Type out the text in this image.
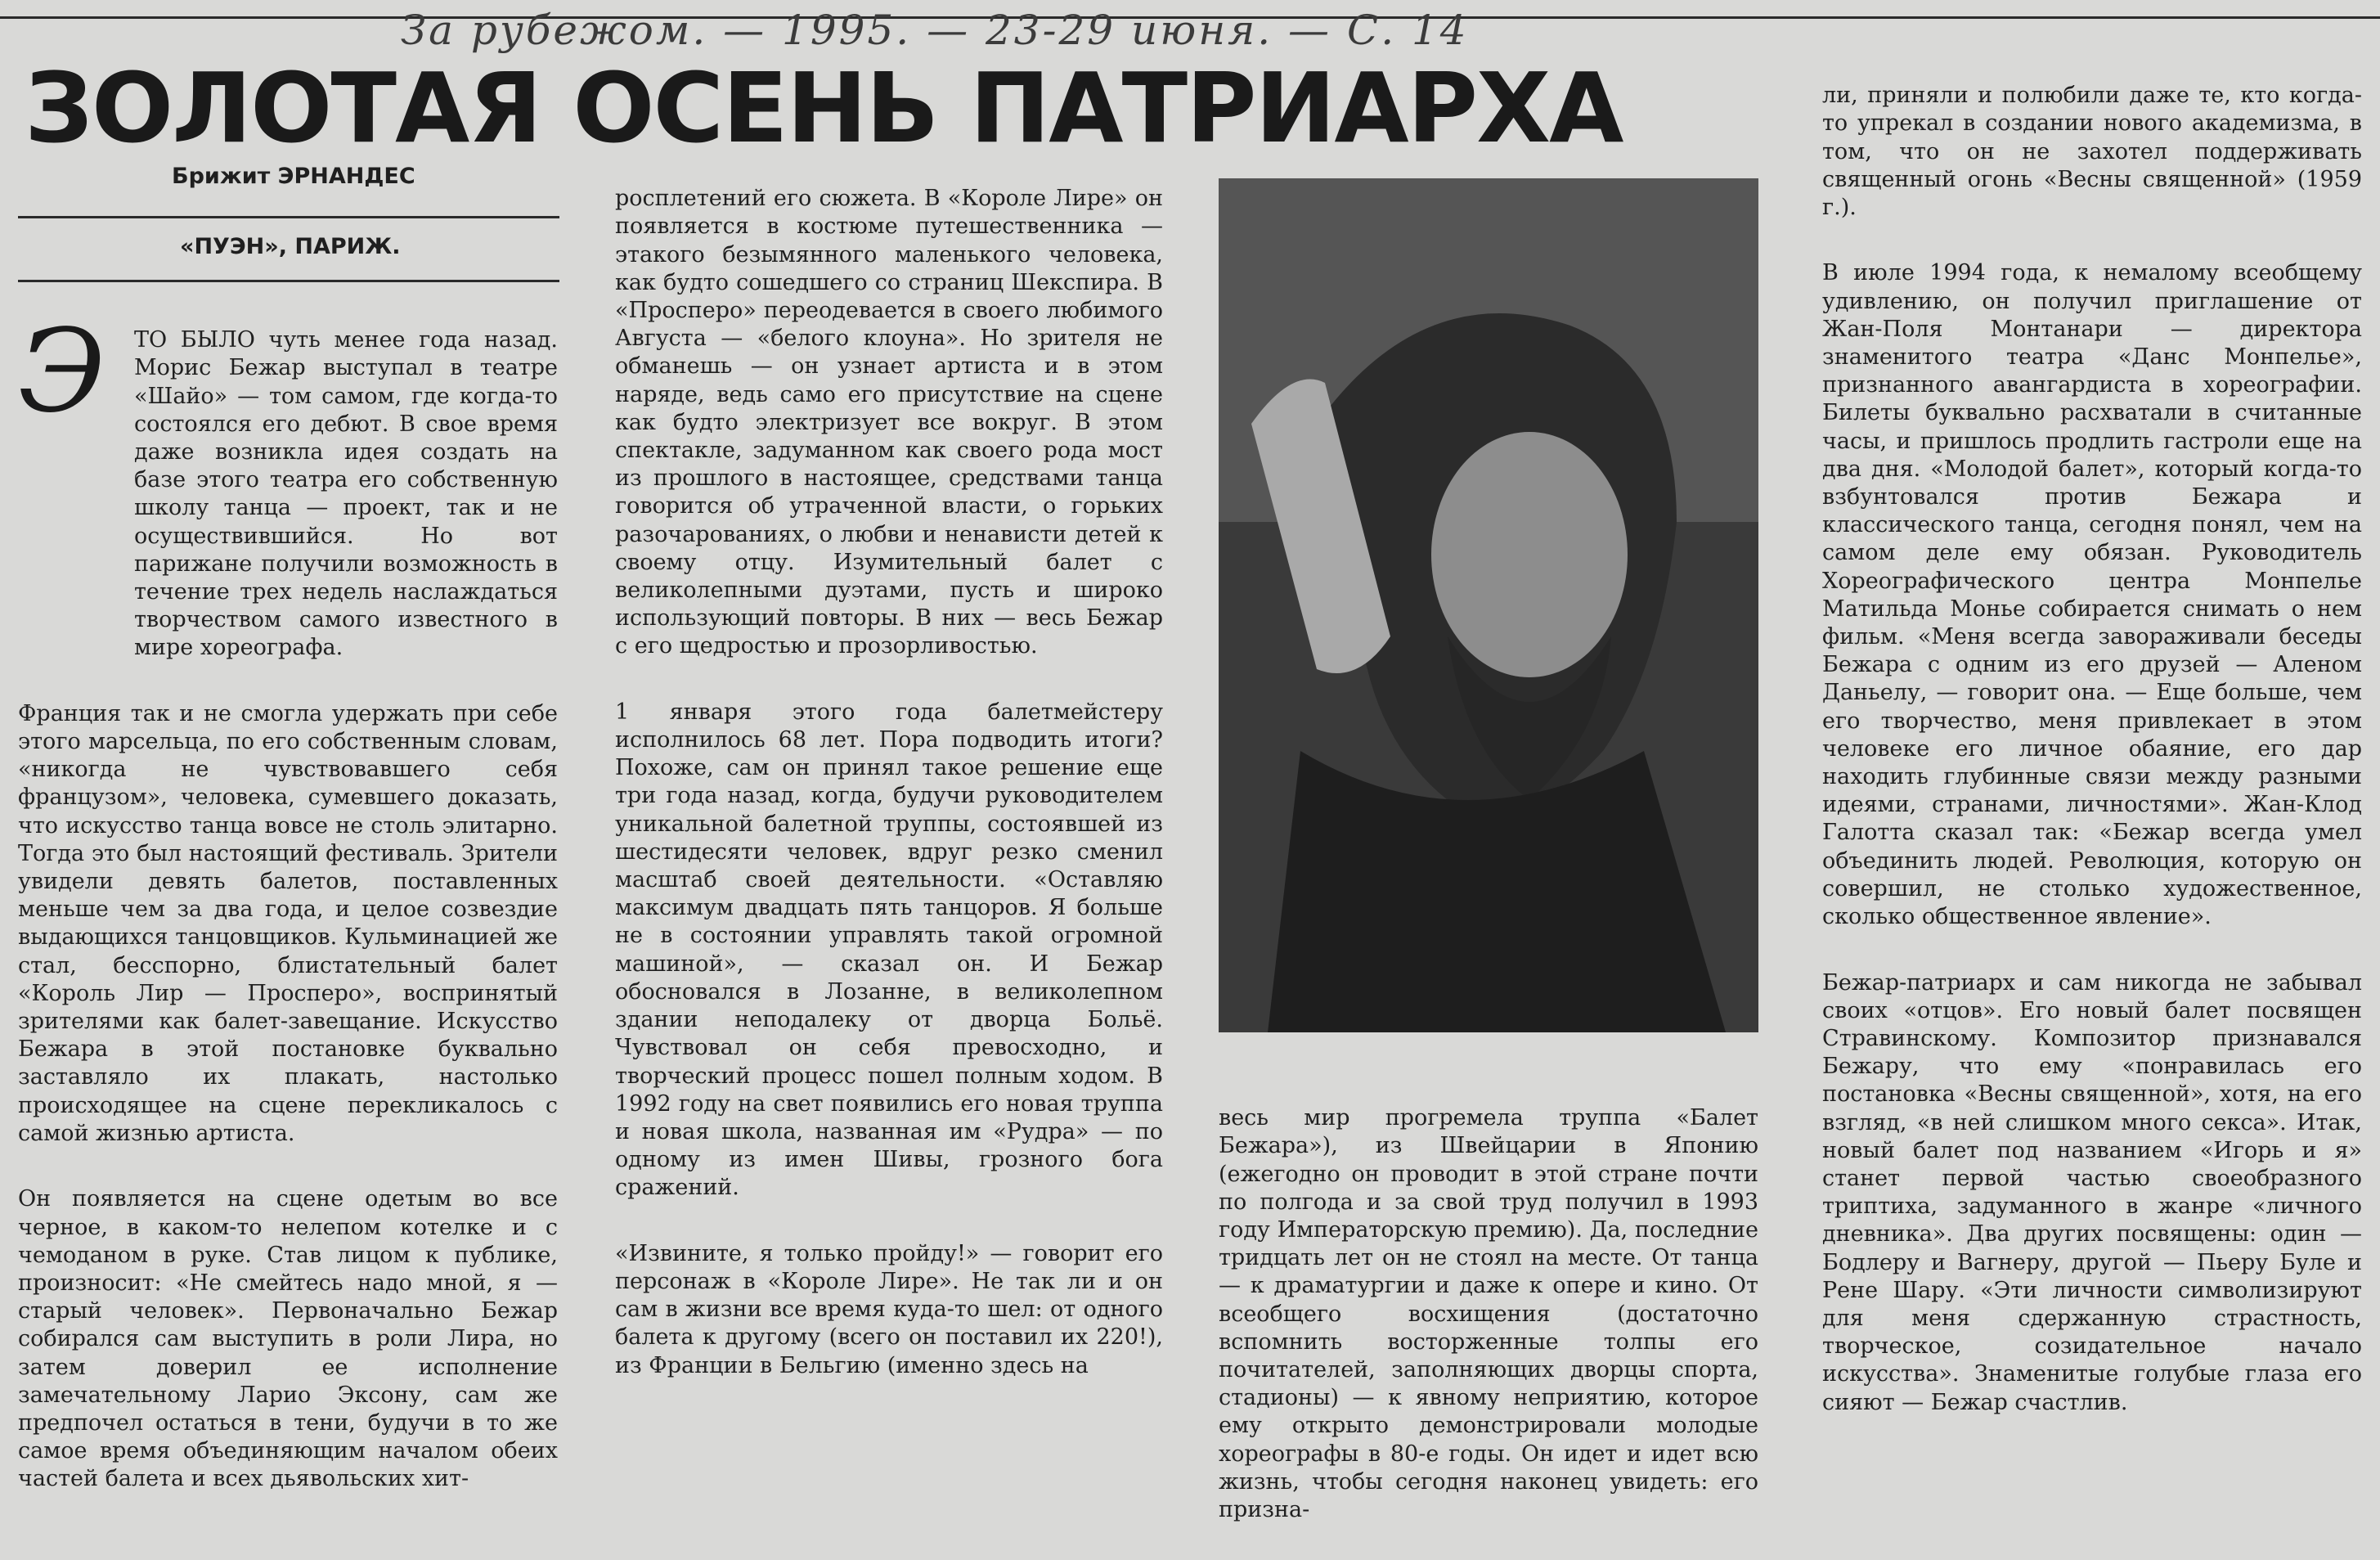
За рубежом. — 1995. — 23-29 июня. — С. 14
ЗОЛОТАЯ ОСЕНЬ ПАТРИАРХА
Брижит ЭРНАНДЕС
«ПУЭН», ПАРИЖ.
Э	ТО БЫЛО чуть менее года назад. Морис Бежар выступал в театре «Шайо» — том самом, где когда-то состоялся его дебют. В свое время даже возникла идея создать на базе этого театра его собственную школу танца — проект, так и не осуществившийся. Но вот парижане получили возможность в течение трех недель наслаждаться творчеством самого известного в мире хореографа.

Франция так и не смогла удержать при себе этого марсельца, по его собственным словам, «никогда не чувствовавшего себя французом», человека, сумевшего доказать, что искусство танца вовсе не столь элитарно. Тогда это был настоящий фестиваль. Зрители увидели девять балетов, поставленных меньше чем за два года, и целое созвездие выдающихся танцовщиков. Кульминацией же стал, бесспорно, блистательный балет «Король Лир — Просперо», воспринятый зрителями как балет-завещание. Искусство Бежара в этой постановке буквально заставляло их плакать, настолько происходящее на сцене перекликалось с самой жизнью артиста.

Он появляется на сцене одетым во все черное, в каком-то нелепом котелке и с чемоданом в руке. Став лицом к публике, произносит: «Не смейтесь надо мной, я — старый человек». Первоначально Бежар собирался сам выступить в роли Лира, но затем доверил ее исполнение замечательному Ларио Эксону, сам же предпочел остаться в тени, будучи в то же самое время объединяющим началом обеих частей балета и всех дьявольских хит-

росплетений его сюжета. В «Короле Лире» он появляется в костюме путешественника — этакого безымянного маленького человека, как будто сошедшего со страниц Шекспира. В «Просперо» переодевается в своего любимого Августа — «белого клоуна». Но зрителя не обманешь — он узнает артиста и в этом наряде, ведь само его присутствие на сцене как будто электризует все вокруг. В этом спектакле, задуманном как своего рода мост из прошлого в настоящее, средствами танца говорится об утраченной власти, о горьких разочарованиях, о любви и ненависти детей к своему отцу. Изумительный балет с великолепными дуэтами, пусть и широко использующий повторы. В них — весь Бежар с его щедростью и прозорливостью.

1 января этого года балетмейстеру исполнилось 68 лет. Пора подводить итоги? Похоже, сам он принял такое решение еще три года назад, когда, будучи руководителем уникальной балетной труппы, состоявшей из шестидесяти человек, вдруг резко сменил масштаб своей деятельности. «Оставляю максимум двадцать пять танцоров. Я больше не в состоянии управлять такой огромной машиной», — сказал он. И Бежар обосновался в Лозанне, в великолепном здании неподалеку от дворца Больё. Чувствовал он себя превосходно, и творческий процесс пошел полным ходом. В 1992 году на свет появились его новая труппа и новая школа, названная им «Рудра» — по одному из имен Шивы, грозного бога сражений.

«Извините, я только пройду!» — говорит его персонаж в «Короле Лире». Не так ли и он сам в жизни все время куда-то шел: от одного балета к другому (всего он поставил их 220!), из Франции в Бельгию (именно здесь на

весь мир прогремела труппа «Балет Бежара»), из Швейцарии в Японию (ежегодно он проводит в этой стране почти по полгода и за свой труд получил в 1993 году Императорскую премию). Да, последние тридцать лет он не стоял на месте. От танца — к драматургии и даже к опере и кино. От всеобщего восхищения (достаточно вспомнить восторженные толпы его почитателей, заполняющих дворцы спорта, стадионы) — к явному неприятию, которое ему открыто демонстрировали молодые хореографы в 80-е годы. Он идет и идет всю жизнь, чтобы сегодня наконец увидеть: его призна-

ли, приняли и полюбили даже те, кто когда-то упрекал в создании нового академизма, в том, что он не захотел поддерживать священный огонь «Весны священной» (1959 г.).

В июле 1994 года, к немалому всеобщему удивлению, он получил приглашение от Жан-Поля Монтанари — директора знаменитого театра «Данс Монпелье», признанного авангардиста в хореографии. Билеты буквально расхватали в считанные часы, и пришлось продлить гастроли еще на два дня. «Молодой балет», который когда-то взбунтовался против Бежара и классического танца, сегодня понял, чем на самом деле ему обязан. Руководитель Хореографического центра Монпелье Матильда Монье собирается снимать о нем фильм. «Меня всегда завораживали беседы Бежара с одним из его друзей — Аленом Даньелу, — говорит она. — Еще больше, чем его творчество, меня привлекает в этом человеке его личное обаяние, его дар находить глубинные связи между разными идеями, странами, личностями». Жан-Клод Галотта сказал так: «Бежар всегда умел объединить людей. Революция, которую он совершил, не столько художественное, сколько общественное явление».

Бежар-патриарх и сам никогда не забывал своих «отцов». Его новый балет посвящен Стравинскому. Композитор признавался Бежару, что ему «понравилась его постановка «Весны священной», хотя, на его взгляд, «в ней слишком много секса». Итак, новый балет под названием «Игорь и я» станет первой частью своеобразного триптиха, задуманного в жанре «личного дневника». Два других посвящены: один — Бодлеру и Вагнеру, другой — Пьеру Буле и Рене Шару. «Эти личности символизируют для меня сдержанную страстность, творческое, созидательное начало искусства». Знаменитые голубые глаза его сияют — Бежар счастлив.
